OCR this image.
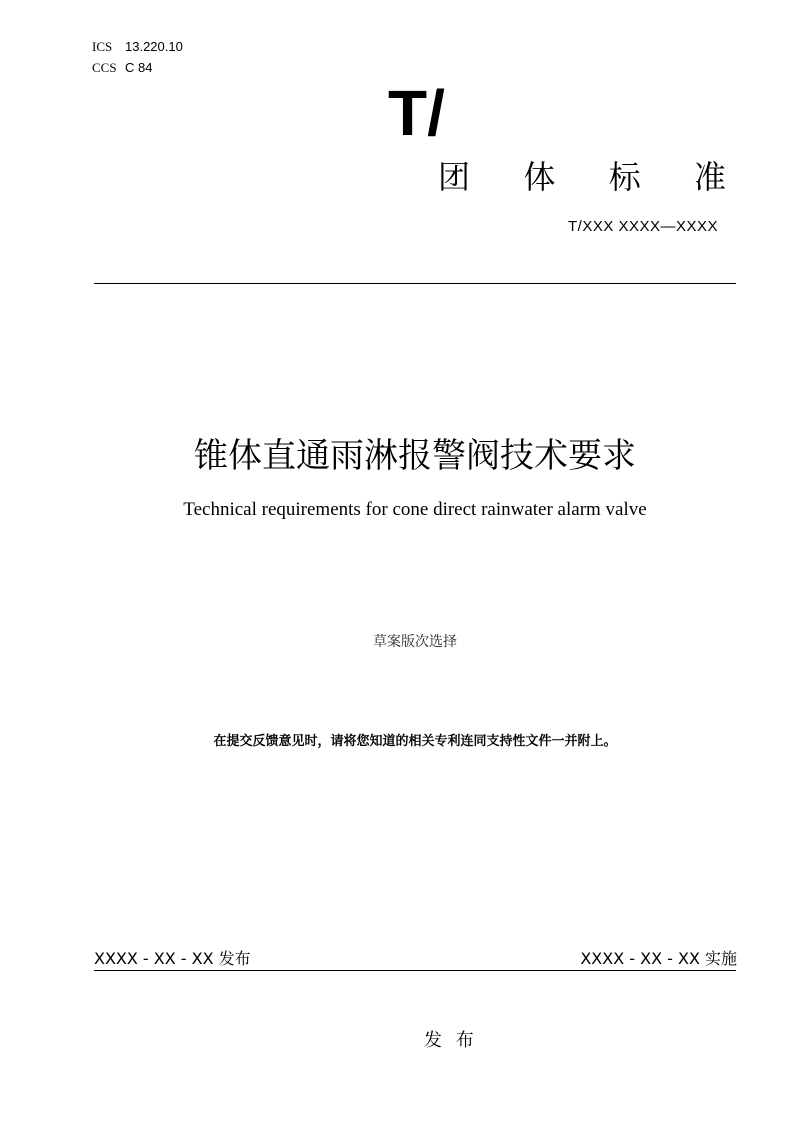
ICS 13.220.10
CCS C 84
T/
团  体  标  准
T/XXX XXXX—XXXX
锥体直通雨淋报警阀技术要求
Technical requirements for cone direct rainwater alarm valve
草案版次选择
在提交反馈意见时，请将您知道的相关专利连同支持性文件一并附上。
XXXX - XX - XX 发布	XXXX - XX - XX 实施
发 布
